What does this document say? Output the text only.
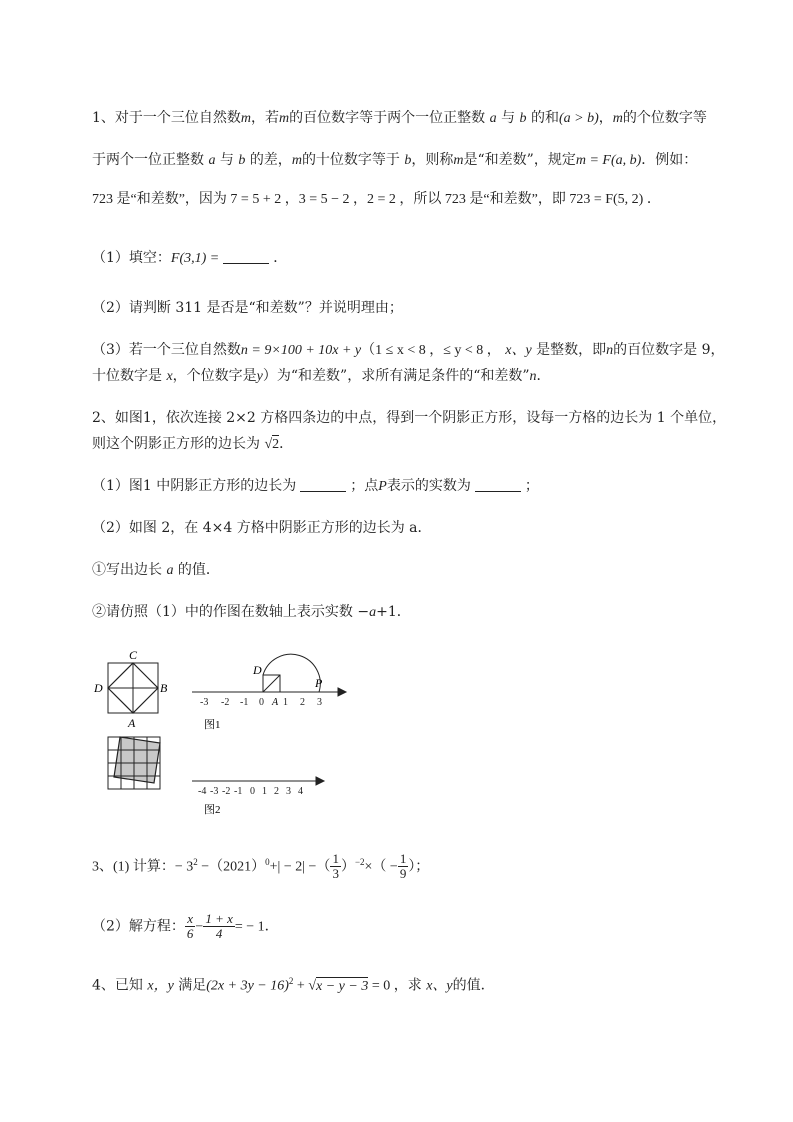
1、对于一个三位自然数m，若m的百位数字等于两个一位正整数 a 与 b 的和(a > b)，m的个位数字等
于两个一位正整数 a 与 b 的差，m的十位数字等于 b，则称m是“和差数”，规定m = F(a, b)．例如：
723 是“和差数”，因为 7 = 5 + 2 ，3 = 5 − 2 ，2 = 2 ，所以 723 是“和差数”，即 723 = F(5, 2) ．
（1）填空：F(3,1) =	．
（2）请判断 311 是否是“和差数”？并说明理由；
（3）若一个三位自然数n = 9×100 + 10x + y（1 ≤ x < 8 ，≤ y < 8 ， x、y 是整数，即n的百位数字是 9，
十位数字是 x，个位数字是y）为“和差数”，求所有满足条件的“和差数”n．
2、如图1，依次连接 2×2 方格四条边的中点，得到一个阴影正方形，设每一方格的边长为 1 个单位，
则这个阴影正方形的边长为 √2．
（1）图1 中阴影正方形的边长为	；点P表示的实数为	；
（2）如图 2，在 4×4 方格中阴影正方形的边长为 a．
①写出边长 a 的值．
②请仿照（1）中的作图在数轴上表示实数 −a+1．
C
D	B
A
-3 -2 -1 0 1 2 3
D
P
A
图1
-4 -3 -2 -1 0 1 2 3 4
图2
3、(1) 计算：− $3^2 -(2021)^0+| - 2|$ −（ $\frac{1}{3} )^{-2}\times( - \frac{1}{9}$ ）；
（2）解方程： $\frac{x}{6} - \frac{1 + x}{4}$ = − 1．
4、已知 x，y 满足$(2x + 3y - 16)^2 + √x - y - 3 = 0$ ，求 x、y的值．
